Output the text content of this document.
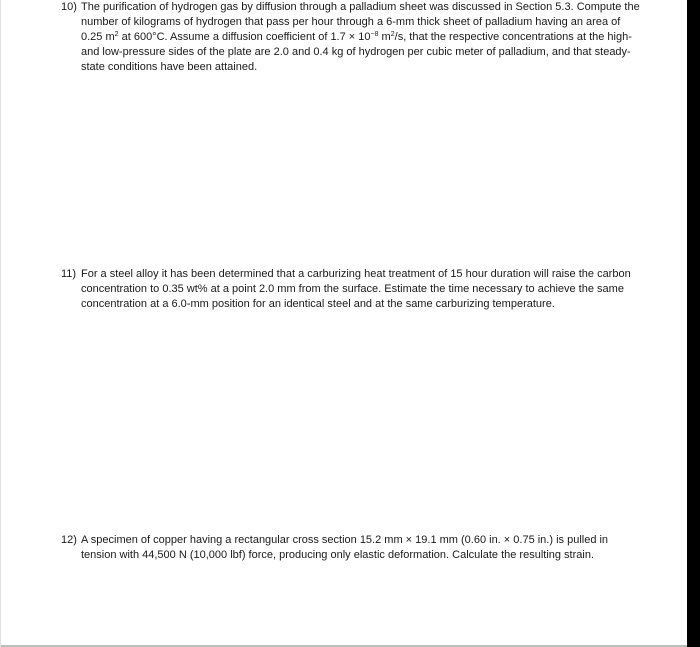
10) The purification of hydrogen gas by diffusion through a palladium sheet was discussed in Section 5.3. Compute the
number of kilograms of hydrogen that pass per hour through a 6-mm thick sheet of palladium having an area of
0.25 $m^2$ at 600°C. Assume a diffusion coefficient of $1.7 \times 10^{-8}$ $m^2/s$, that the respective concentrations at the high-
and low-pressure sides of the plate are 2.0 and 0.4 kg of hydrogen per cubic meter of palladium, and that steady-
state conditions have been attained.
11) For a steel alloy it has been determined that a carburizing heat treatment of 15 hour duration will raise the carbon
concentration to 0.35 wt% at a point 2.0 mm from the surface. Estimate the time necessary to achieve the same
concentration at a 6.0-mm position for an identical steel and at the same carburizing temperature.
12) A specimen of copper having a rectangular cross section 15.2 mm × 19.1 mm (0.60 in. × 0.75 in.) is pulled in
tension with 44,500 N (10,000 lbf) force, producing only elastic deformation. Calculate the resulting strain.
